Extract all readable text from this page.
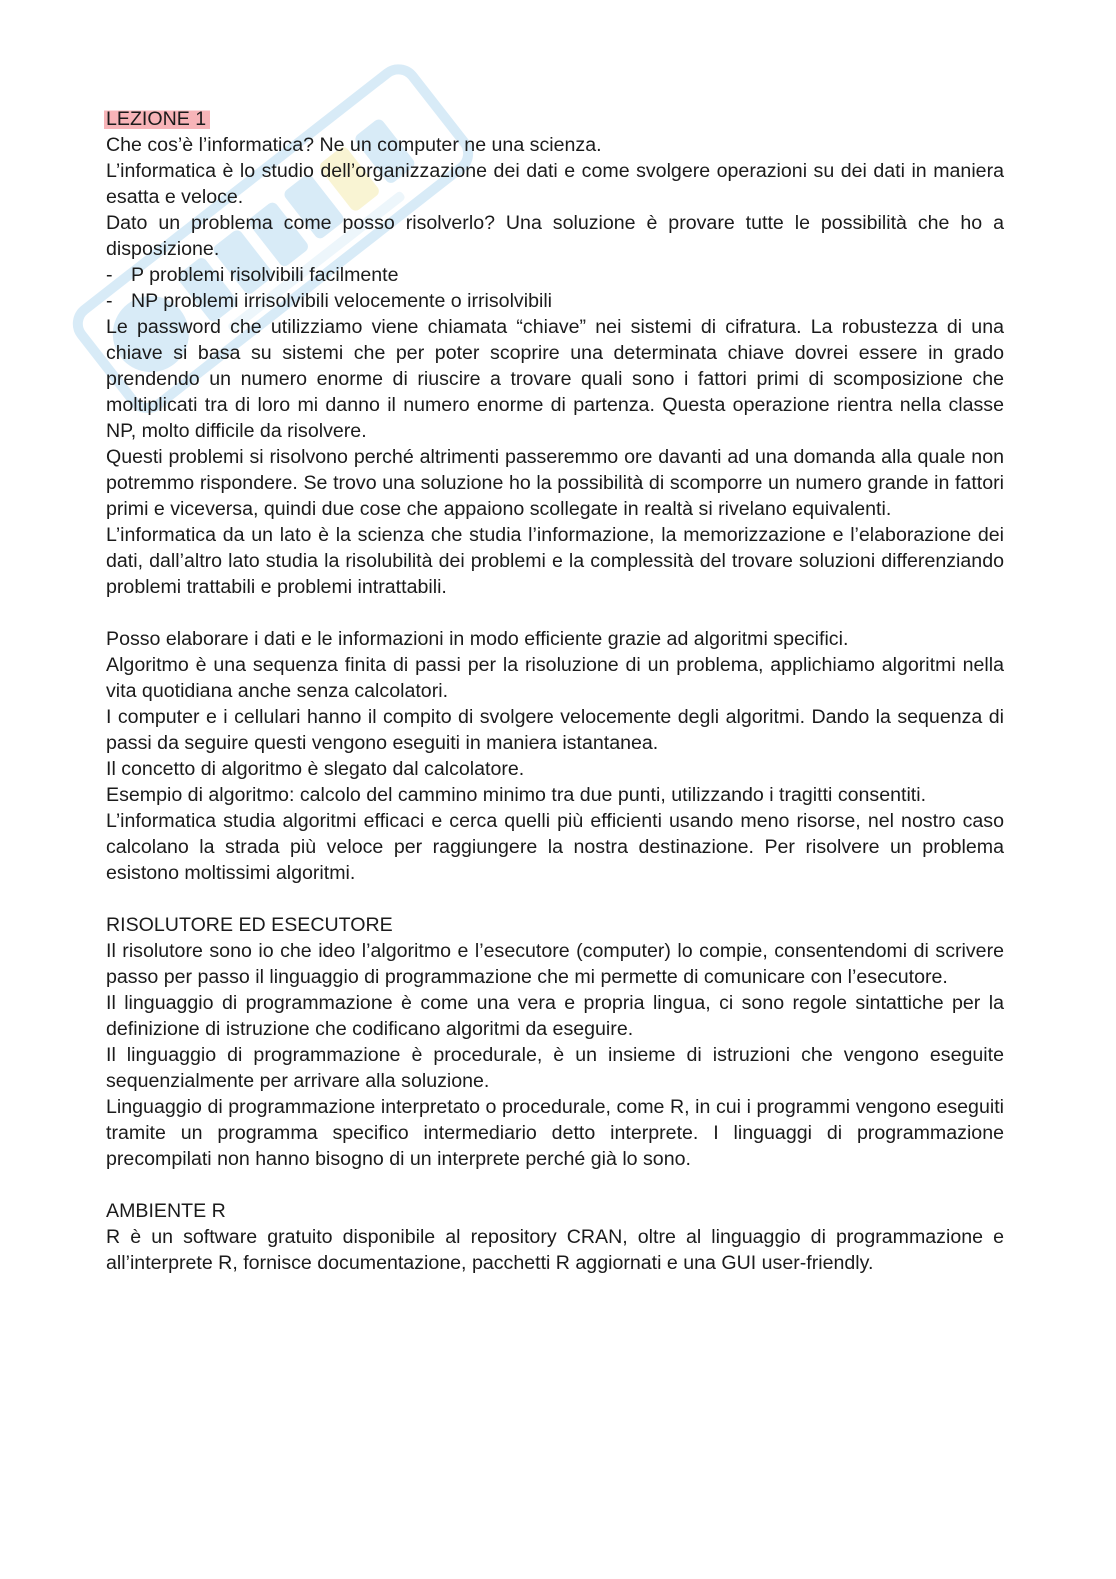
LEZIONE 1

Che cos’è l’informatica? Ne un computer ne una scienza.

L’informatica è lo studio dell’organizzazione dei dati e come svolgere operazioni su dei dati in maniera esatta e veloce.

Dato un problema come posso risolverlo? Una soluzione è provare tutte le possibilità che ho a disposizione.

- P problemi risolvibili facilmente
- NP problemi irrisolvibili velocemente o irrisolvibili

Le password che utilizziamo viene chiamata “chiave” nei sistemi di cifratura. La robustezza di una chiave si basa su sistemi che per poter scoprire una determinata chiave dovrei essere in grado prendendo un numero enorme di riuscire a trovare quali sono i fattori primi di scomposizione che moltiplicati tra di loro mi danno il numero enorme di partenza. Questa operazione rientra nella classe NP, molto difficile da risolvere.

Questi problemi si risolvono perché altrimenti passeremmo ore davanti ad una domanda alla quale non potremmo rispondere. Se trovo una soluzione ho la possibilità di scomporre un numero grande in fattori primi e viceversa, quindi due cose che appaiono scollegate in realtà si rivelano equivalenti.

L’informatica da un lato è la scienza che studia l’informazione, la memorizzazione e l’elaborazione dei dati, dall’altro lato studia la risolubilità dei problemi e la complessità del trovare soluzioni differenziando problemi trattabili e problemi intrattabili.

Posso elaborare i dati e le informazioni in modo efficiente grazie ad algoritmi specifici.

Algoritmo è una sequenza finita di passi per la risoluzione di un problema, applichiamo algoritmi nella vita quotidiana anche senza calcolatori.

I computer e i cellulari hanno il compito di svolgere velocemente degli algoritmi. Dando la sequenza di passi da seguire questi vengono eseguiti in maniera istantanea.

Il concetto di algoritmo è slegato dal calcolatore.

Esempio di algoritmo: calcolo del cammino minimo tra due punti, utilizzando i tragitti consentiti.

L’informatica studia algoritmi efficaci e cerca quelli più efficienti usando meno risorse, nel nostro caso calcolano la strada più veloce per raggiungere la nostra destinazione. Per risolvere un problema esistono moltissimi algoritmi.

RISOLUTORE ED ESECUTORE

Il risolutore sono io che ideo l’algoritmo e l’esecutore (computer) lo compie, consentendomi di scrivere passo per passo il linguaggio di programmazione che mi permette di comunicare con l’esecutore.

Il linguaggio di programmazione è come una vera e propria lingua, ci sono regole sintattiche per la definizione di istruzione che codificano algoritmi da eseguire.

Il linguaggio di programmazione è procedurale, è un insieme di istruzioni che vengono eseguite sequenzialmente per arrivare alla soluzione.

Linguaggio di programmazione interpretato o procedurale, come R, in cui i programmi vengono eseguiti tramite un programma specifico intermediario detto interprete. I linguaggi di programmazione precompilati non hanno bisogno di un interprete perché già lo sono.

AMBIENTE R

R è un software gratuito disponibile al repository CRAN, oltre al linguaggio di programmazione e all’interprete R, fornisce documentazione, pacchetti R aggiornati e una GUI user-friendly.
